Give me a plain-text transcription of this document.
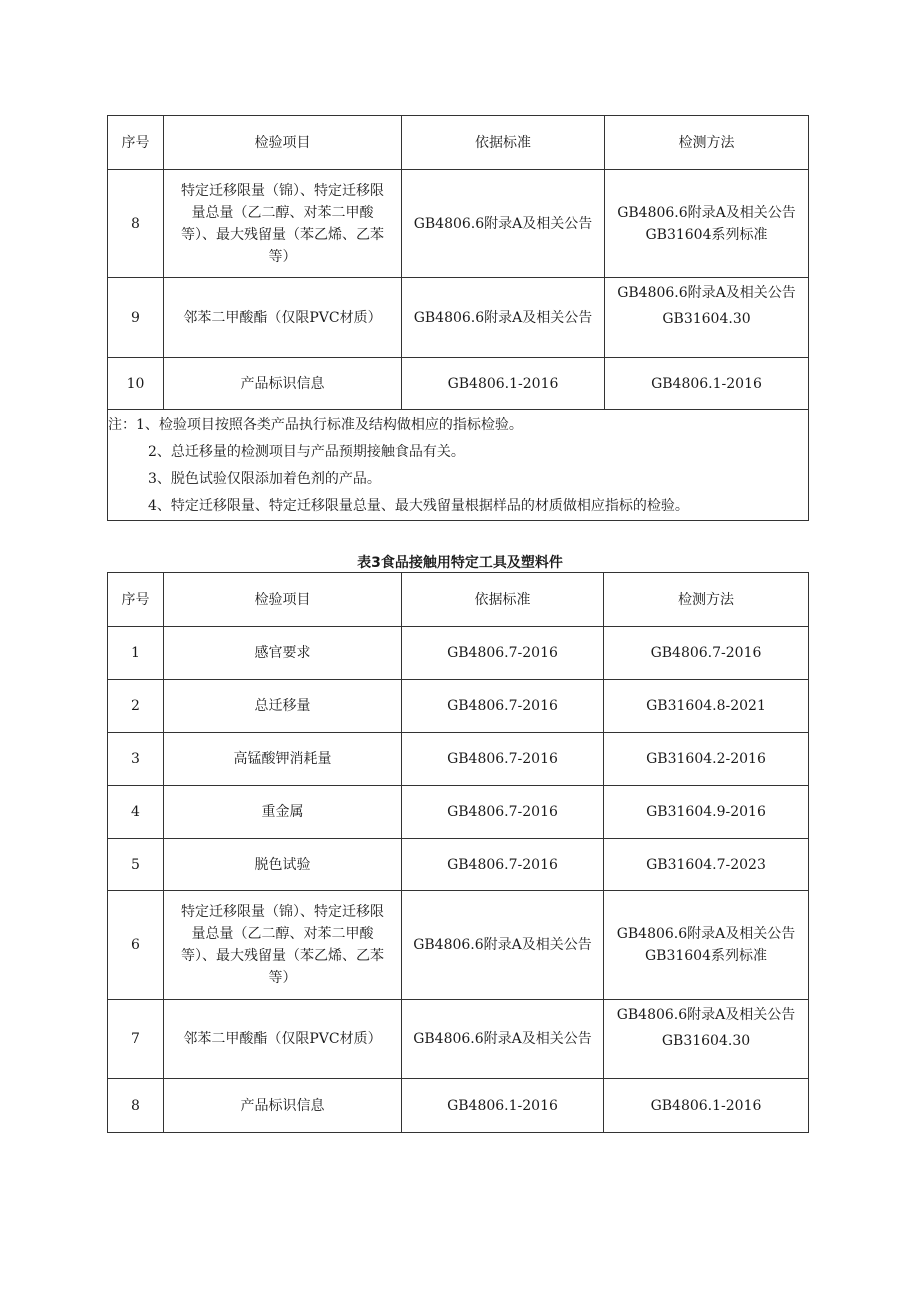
序号	检验项目	依据标准	检测方法
8	特定迁移限量（锦）、特定迁移限
量总量（乙二醇、对苯二甲酸
等）、最大残留量（苯乙烯、乙苯
等）	GB4806.6附录A及相关公告	GB4806.6附录A及相关公告
GB31604系列标准

9	邻苯二甲酸酯（仅限PVC材质）	GB4806.6附录A及相关公告	GB4806.6附录A及相关公告
GB31604.30

10	产品标识信息	GB4806.1-2016	GB4806.1-2016

注：1、检验项目按照各类产品执行标准及结构做相应的指标检验。
2、总迁移量的检测项目与产品预期接触食品有关。
3、脱色试验仅限添加着色剂的产品。
4、特定迁移限量、特定迁移限量总量、最大残留量根据样品的材质做相应指标的检验。			
表3食品接触用特定工具及塑料件
序号	检验项目	依据标准	检测方法
1	感官要求	GB4806.7-2016	GB4806.7-2016
2	总迁移量	GB4806.7-2016	GB31604.8-2021
3	高锰酸钾消耗量	GB4806.7-2016	GB31604.2-2016
4	重金属	GB4806.7-2016	GB31604.9-2016
5	脱色试验	GB4806.7-2016	GB31604.7-2023
6	特定迁移限量（锦）、特定迁移限
量总量（乙二醇、对苯二甲酸
等）、最大残留量（苯乙烯、乙苯
等）	GB4806.6附录A及相关公告	GB4806.6附录A及相关公告
GB31604系列标准

7	邻苯二甲酸酯（仅限PVC材质）	GB4806.6附录A及相关公告	GB4806.6附录A及相关公告
GB31604.30

8	产品标识信息	GB4806.1-2016	GB4806.1-2016
